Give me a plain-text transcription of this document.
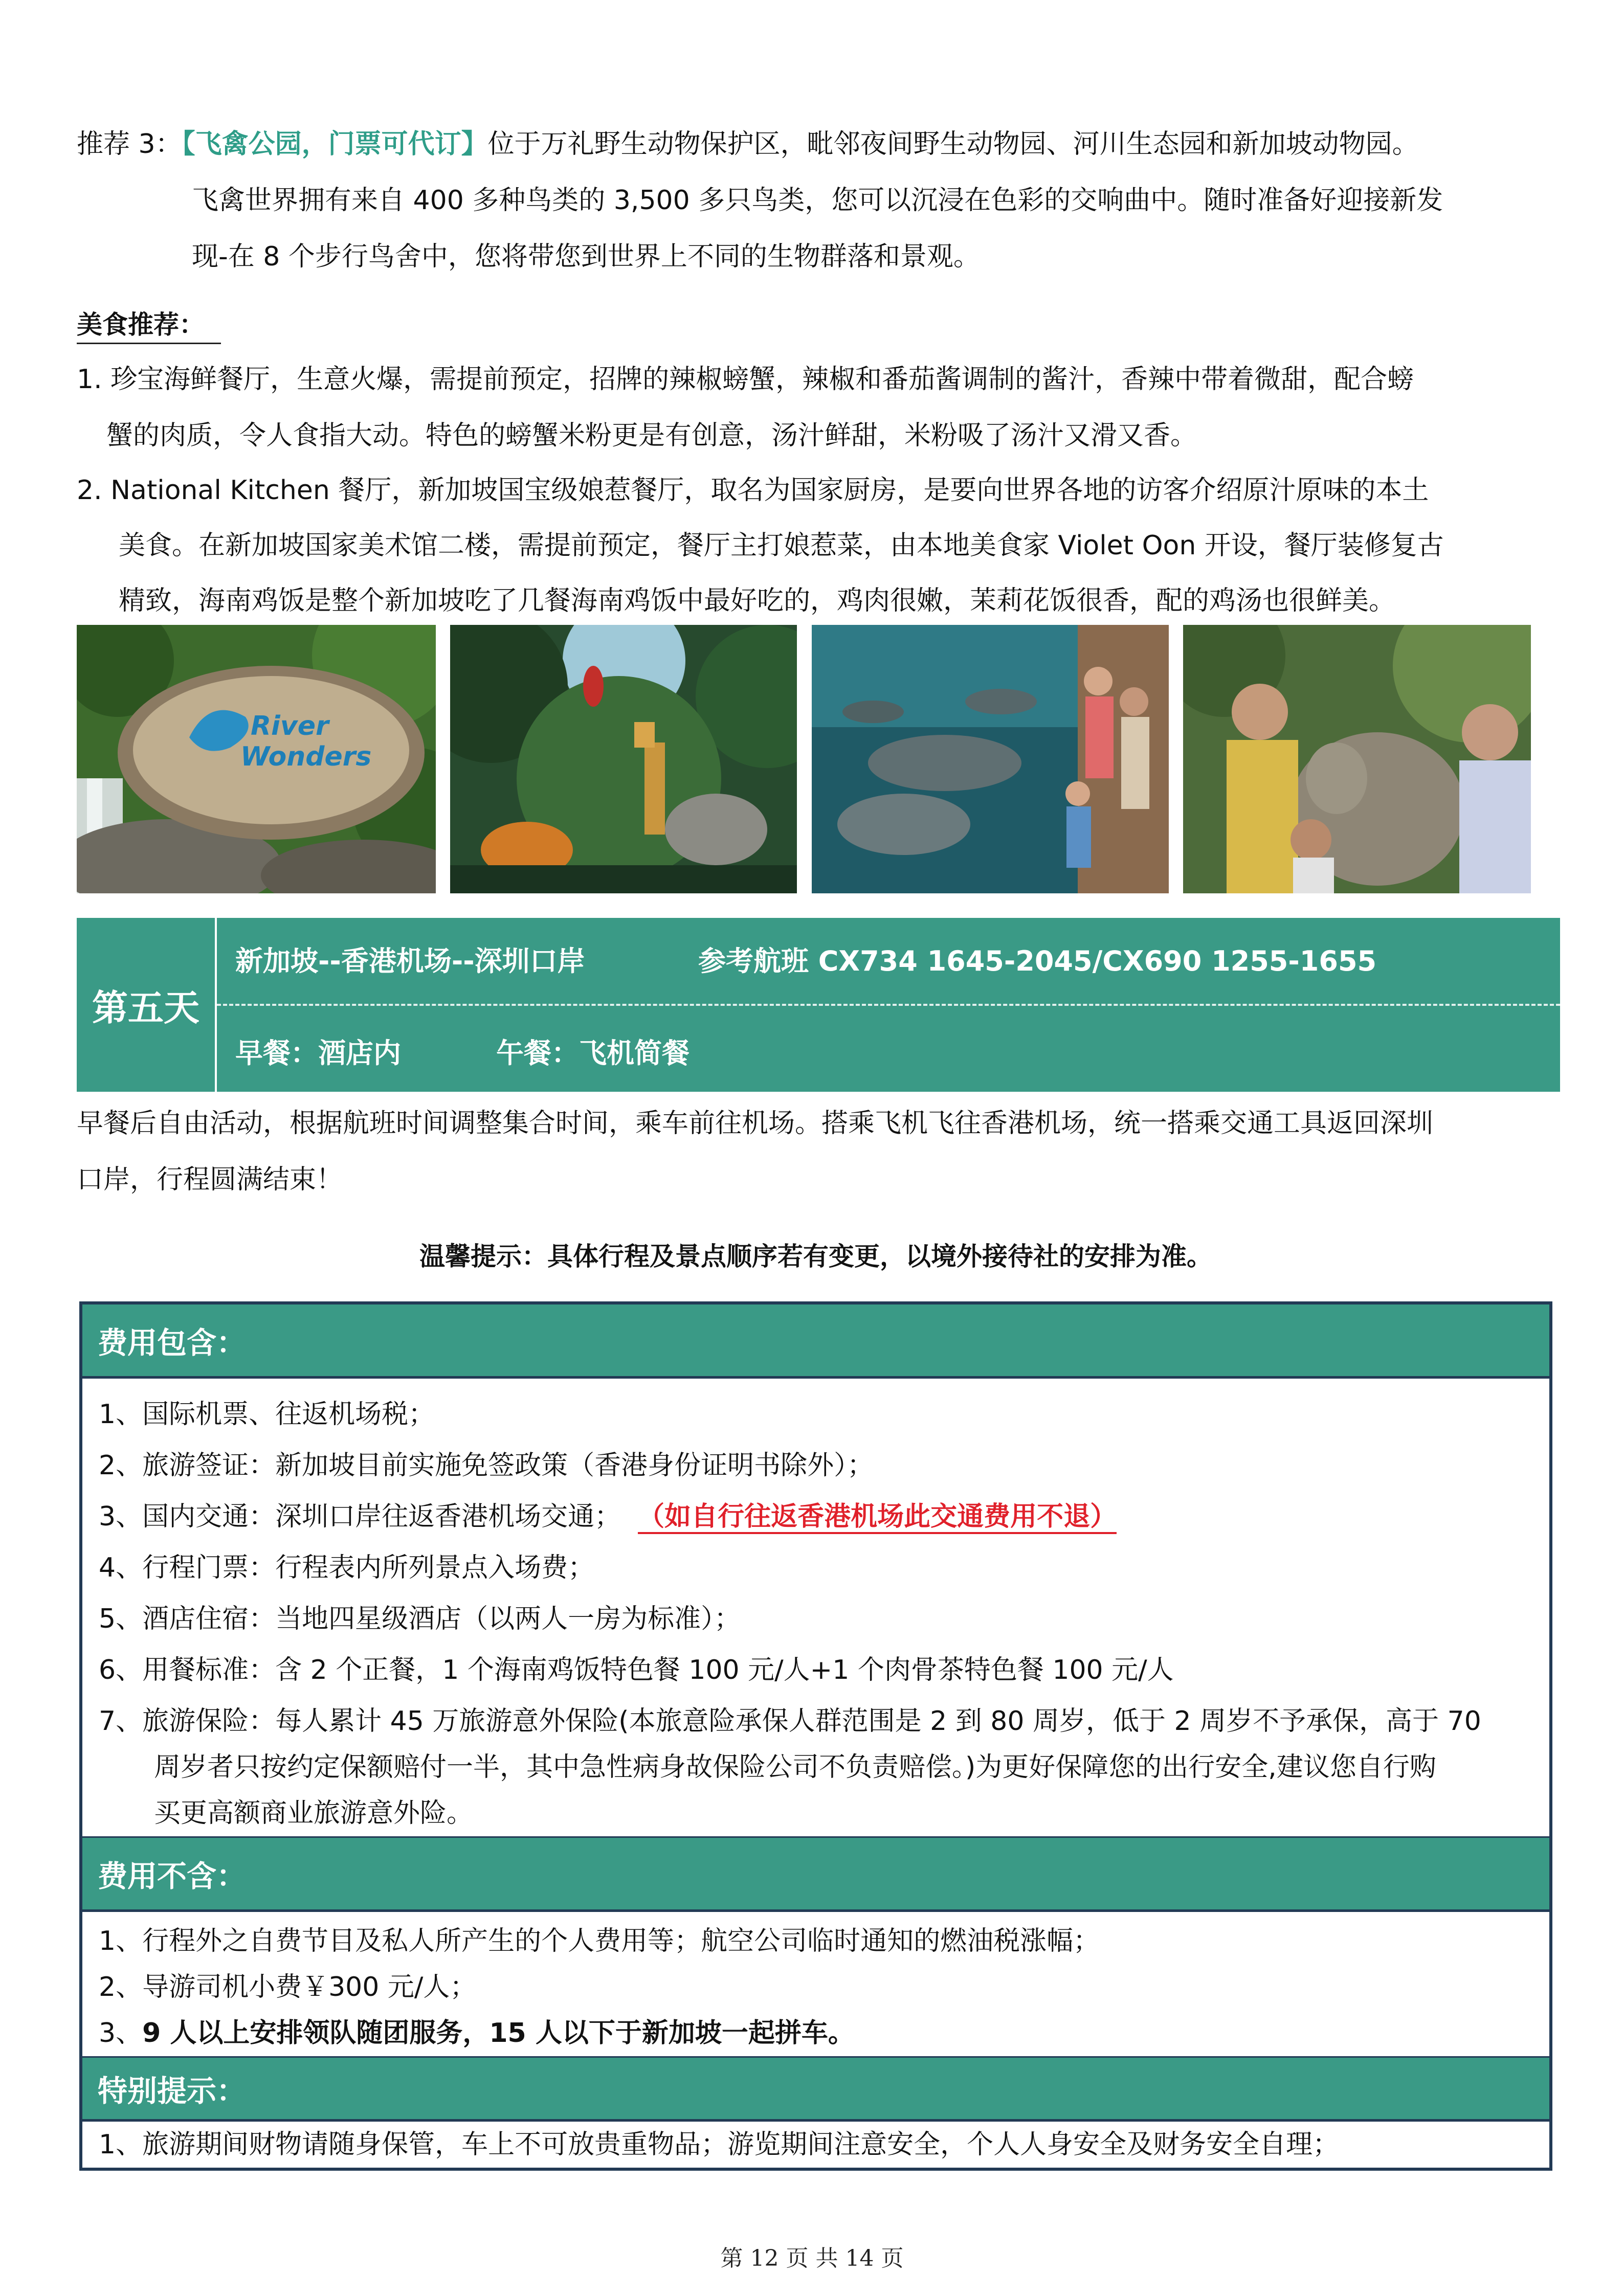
推荐 3：【飞禽公园，门票可代订】位于万礼野生动物保护区，毗邻夜间野生动物园、河川生态园和新加坡动物园。
飞禽世界拥有来自 400 多种鸟类的 3,500 多只鸟类，您可以沉浸在色彩的交响曲中。随时准备好迎接新发
现-在 8 个步行鸟舍中，您将带您到世界上不同的生物群落和景观。
美食推荐：
1. 珍宝海鲜餐厅，生意火爆，需提前预定，招牌的辣椒螃蟹，辣椒和番茄酱调制的酱汁，香辣中带着微甜，配合螃
蟹的肉质，令人食指大动。特色的螃蟹米粉更是有创意，汤汁鲜甜，米粉吸了汤汁又滑又香。
2. National Kitchen 餐厅，新加坡国宝级娘惹餐厅，取名为国家厨房，是要向世界各地的访客介绍原汁原味的本土
美食。在新加坡国家美术馆二楼，需提前预定，餐厅主打娘惹菜，由本地美食家 Violet Oon 开设，餐厅装修复古
精致，海南鸡饭是整个新加坡吃了几餐海南鸡饭中最好吃的，鸡肉很嫩，茉莉花饭很香，配的鸡汤也很鲜美。
River
Wonders
第五天
新加坡--香港机场--深圳口岸	参考航班 CX734 1645-2045/CX690 1255-1655
早餐：酒店内	午餐：飞机简餐
早餐后自由活动，根据航班时间调整集合时间，乘车前往机场。搭乘飞机飞往香港机场，统一搭乘交通工具返回深圳
口岸，行程圆满结束！
温馨提示：具体行程及景点顺序若有变更，以境外接待社的安排为准。
费用包含：
1、国际机票、往返机场税；
2、旅游签证：新加坡目前实施免签政策（香港身份证明书除外）；
3、国内交通：深圳口岸往返香港机场交通； （如自行往返香港机场此交通费用不退）
4、行程门票：行程表内所列景点入场费；
5、酒店住宿：当地四星级酒店（以两人一房为标准）；
6、用餐标准：含 2 个正餐，1 个海南鸡饭特色餐 100 元/人+1 个肉骨茶特色餐 100 元/人
7、旅游保险：每人累计 45 万旅游意外保险(本旅意险承保人群范围是 2 到 80 周岁，低于 2 周岁不予承保，高于 70
周岁者只按约定保额赔付一半，其中急性病身故保险公司不负责赔偿。)为更好保障您的出行安全,建议您自行购
买更高额商业旅游意外险。
费用不含：
1、行程外之自费节目及私人所产生的个人费用等；航空公司临时通知的燃油税涨幅；
2、导游司机小费￥300 元/人；
3、9 人以上安排领队随团服务，15 人以下于新加坡一起拼车。
特别提示：
1、旅游期间财物请随身保管，车上不可放贵重物品；游览期间注意安全，个人人身安全及财务安全自理；
第 12 页 共 14 页
